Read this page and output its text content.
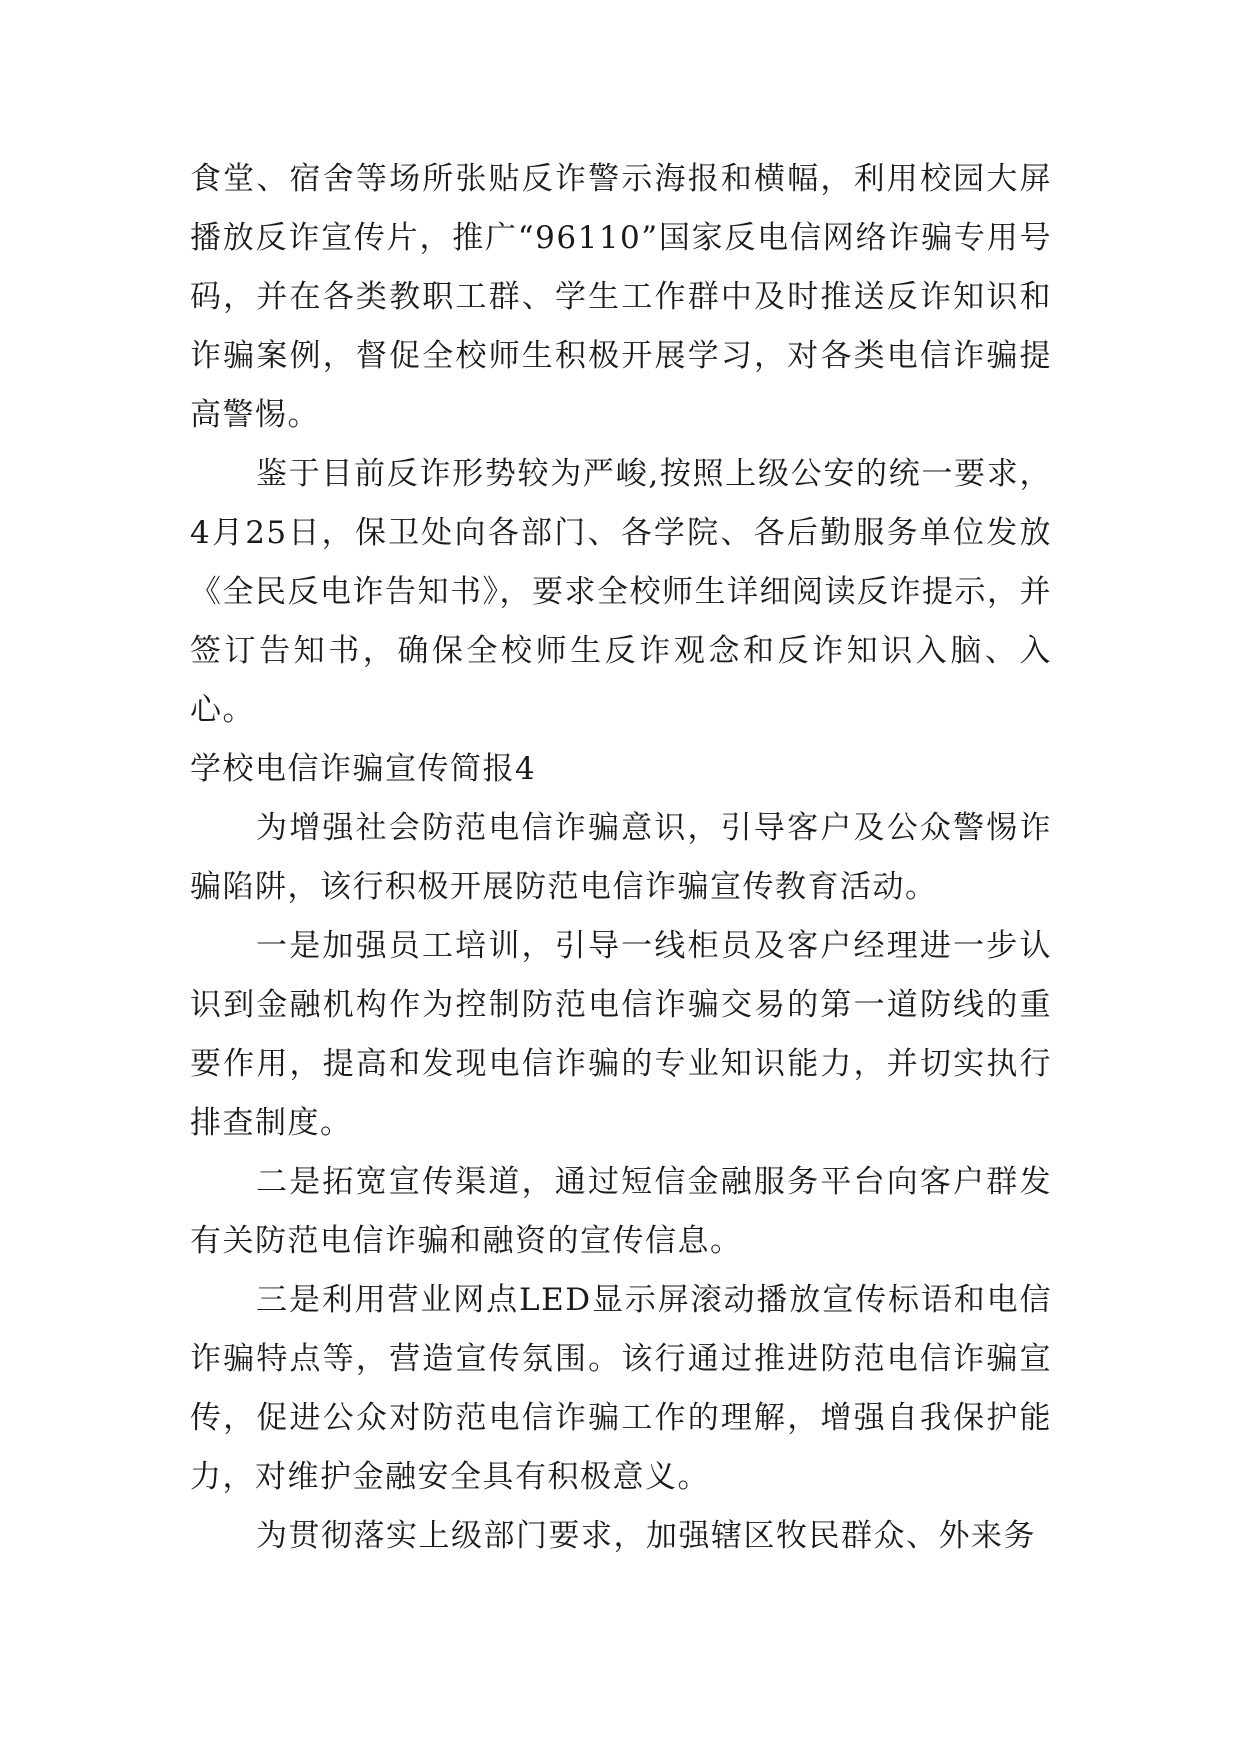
食堂、宿舍等场所张贴反诈警示海报和横幅，利用校园大屏播放反诈宣传片，推广“96110”国家反电信网络诈骗专用号码，并在各类教职工群、学生工作群中及时推送反诈知识和诈骗案例，督促全校师生积极开展学习，对各类电信诈骗提高警惕。

鉴于目前反诈形势较为严峻,按照上级公安的统一要求，4月25日，保卫处向各部门、各学院、各后勤服务单位发放《全民反电诈告知书》，要求全校师生详细阅读反诈提示，并签订告知书，确保全校师生反诈观念和反诈知识入脑、入心。

学校电信诈骗宣传简报4

为增强社会防范电信诈骗意识，引导客户及公众警惕诈骗陷阱，该行积极开展防范电信诈骗宣传教育活动。

一是加强员工培训，引导一线柜员及客户经理进一步认识到金融机构作为控制防范电信诈骗交易的第一道防线的重要作用，提高和发现电信诈骗的专业知识能力，并切实执行排查制度。

二是拓宽宣传渠道，通过短信金融服务平台向客户群发有关防范电信诈骗和融资的宣传信息。

三是利用营业网点LED显示屏滚动播放宣传标语和电信诈骗特点等，营造宣传氛围。该行通过推进防范电信诈骗宣传，促进公众对防范电信诈骗工作的理解，增强自我保护能力，对维护金融安全具有积极意义。

为贯彻落实上级部门要求，加强辖区牧民群众、外来务
